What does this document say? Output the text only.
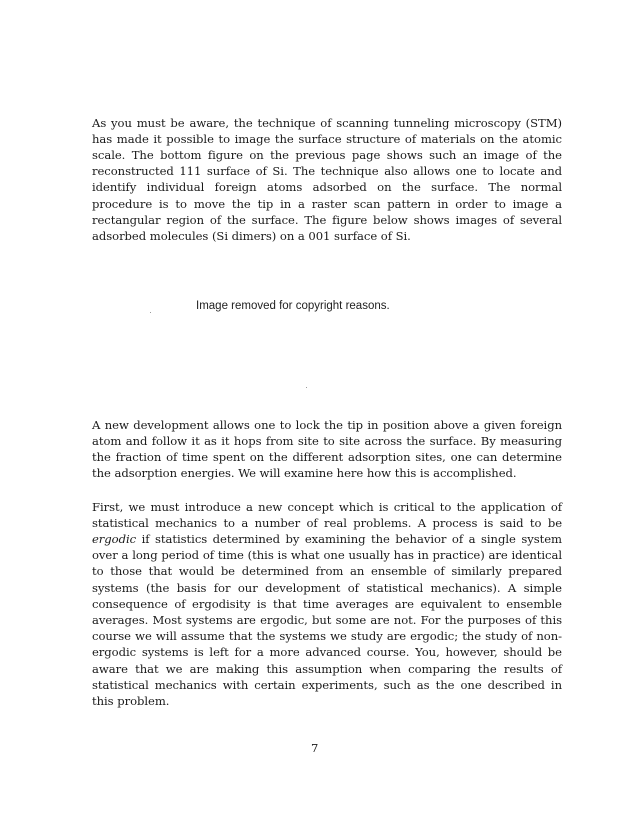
As you must be aware, the technique of scanning tunneling microscopy (STM) has made it possible to image the surface structure of materials on the atomic scale. The bottom figure on the previous page shows such an image of the reconstructed 111 surface of Si. The technique also allows one to locate and identify individual foreign atoms adsorbed on the surface. The normal procedure is to move the tip in a raster scan pattern in order to image a rectangular region of the surface. The figure below shows images of several adsorbed molecules (Si dimers) on a 001 surface of Si.

Image removed for copyright reasons.

A new development allows one to lock the tip in position above a given foreign atom and follow it as it hops from site to site across the surface. By measuring the fraction of time spent on the different adsorption sites, one can determine the adsorption energies. We will examine here how this is accomplished.

First, we must introduce a new concept which is critical to the application of statistical mechanics to a number of real problems. A process is said to be ergodic if statistics determined by examining the behavior of a single system over a long period of time (this is what one usually has in practice) are identical to those that would be determined from an ensemble of similarly prepared systems (the basis for our development of statistical mechanics). A simple consequence of ergodisity is that time averages are equivalent to ensemble averages. Most systems are ergodic, but some are not. For the purposes of this course we will assume that the systems we study are ergodic; the study of non-ergodic systems is left for a more advanced course. You, however, should be aware that we are making this assumption when comparing the results of statistical mechanics with certain experiments, such as the one described in this problem.

7
